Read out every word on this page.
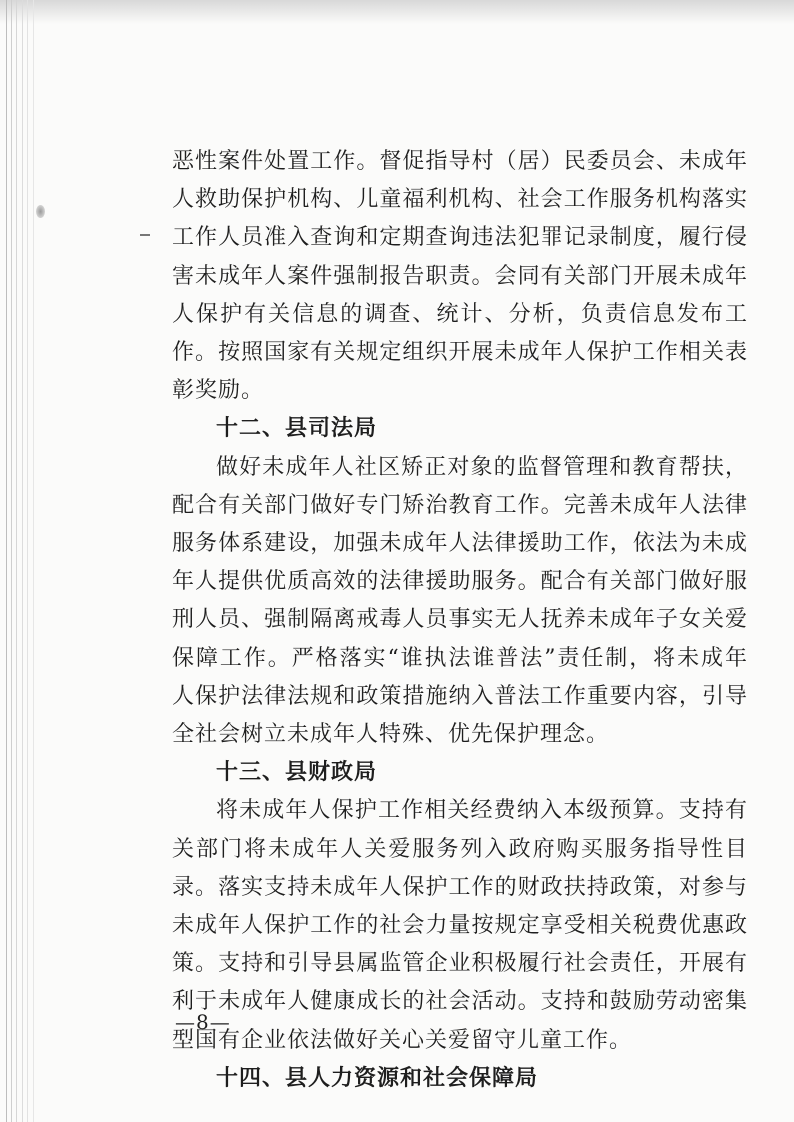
恶性案件处置工作。督促指导村（居）民委员会、未成年人救助保护机构、儿童福利机构、社会工作服务机构落实工作人员准入查询和定期查询违法犯罪记录制度，履行侵害未成年人案件强制报告职责。会同有关部门开展未成年人保护有关信息的调查、统计、分析，负责信息发布工作。按照国家有关规定组织开展未成年人保护工作相关表彰奖励。

十二、县司法局

做好未成年人社区矫正对象的监督管理和教育帮扶，配合有关部门做好专门矫治教育工作。完善未成年人法律服务体系建设，加强未成年人法律援助工作，依法为未成年人提供优质高效的法律援助服务。配合有关部门做好服刑人员、强制隔离戒毒人员事实无人抚养未成年子女关爱保障工作。严格落实“谁执法谁普法”责任制，将未成年人保护法律法规和政策措施纳入普法工作重要内容，引导全社会树立未成年人特殊、优先保护理念。

十三、县财政局

将未成年人保护工作相关经费纳入本级预算。支持有关部门将未成年人关爱服务列入政府购买服务指导性目录。落实支持未成年人保护工作的财政扶持政策，对参与未成年人保护工作的社会力量按规定享受相关税费优惠政策。支持和引导县属监管企业积极履行社会责任，开展有利于未成年人健康成长的社会活动。支持和鼓励劳动密集型国有企业依法做好关心关爱留守儿童工作。

十四、县人力资源和社会保障局

—8—
